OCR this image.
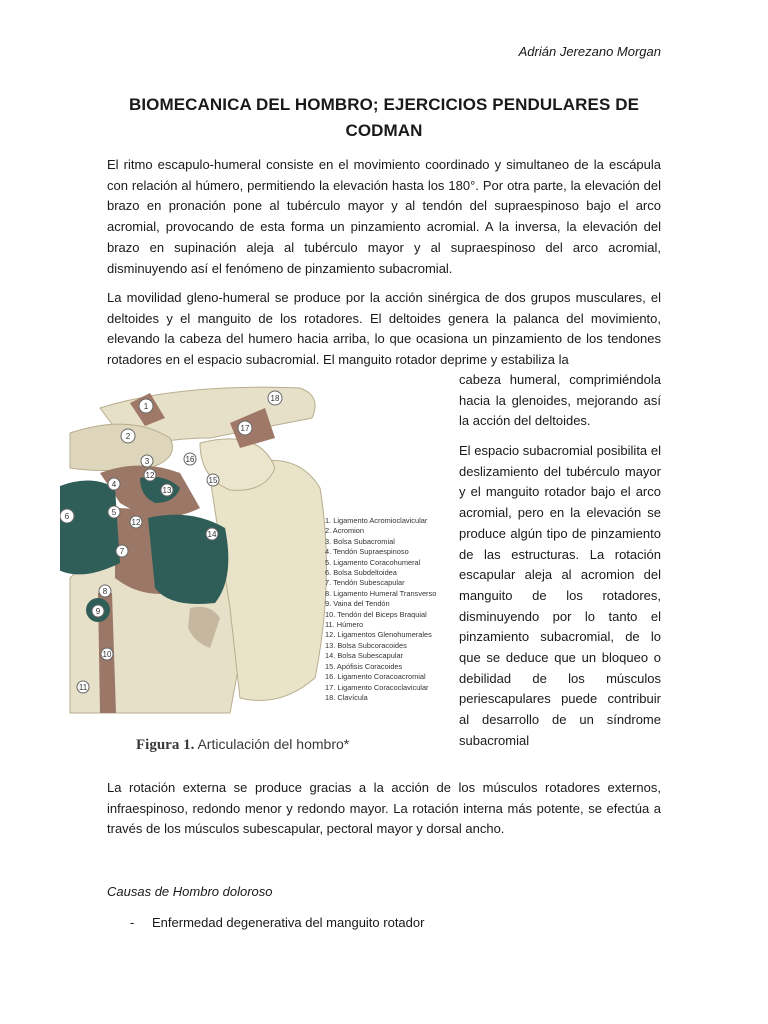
Adrián Jerezano Morgan
BIOMECANICA DEL HOMBRO; EJERCICIOS PENDULARES DE
CODMAN

El ritmo escapulo-humeral consiste en el movimiento coordinado y simultaneo de la escápula con relación al húmero, permitiendo la elevación hasta los 180°. Por otra parte, la elevación del brazo en pronación pone al tubérculo mayor y al tendón del supraespinoso bajo el arco acromial, provocando de esta forma un pinzamiento acromial. A la inversa, la elevación del brazo en supinación aleja al tubérculo mayor y al supraespinoso del arco acromial, disminuyendo así el fenómeno de pinzamiento subacromial.

La movilidad gleno-humeral se produce por la acción sinérgica de dos grupos musculares, el deltoides y el manguito de los rotadores. El deltoides genera la palanca del movimiento, elevando la cabeza del humero hacia arriba, lo que ocasiona un pinzamiento de los tendones rotadores en el espacio subacromial. El manguito rotador deprime y estabiliza la

cabeza humeral, comprimiéndola hacia la glenoides, mejorando así la acción del deltoides.

El espacio subacromial posibilita el deslizamiento del tubérculo mayor y el manguito rotador bajo el arco acromial, pero en la elevación se produce algún tipo de pinzamiento de las estructuras. La rotación escapular aleja al acromion del manguito de los rotadores, disminuyendo por lo tanto el pinzamiento subacromial, de lo que se deduce que un bloqueo o debilidad de los músculos periescapulares puede contribuir al desarrollo de un síndrome subacromial

1
2
3
4
5
6
7
8
9
10
11
12
12
13
14
15
16
17
18
1. Ligamento Acromioclavicular
2. Acromion
3. Bolsa Subacromial
4. Tendón Supraespinoso
5. Ligamento Coracohumeral
6. Bolsa Subdeltoidea
7. Tendón Subescapular
8. Ligamento Humeral Transverso
9. Vaina del Tendón
10. Tendón del Biceps Braquial
11. Húmero
12. Ligamentos Glenohumerales
13. Bolsa Subcoracoides
14. Bolsa Subescapular
15. Apófisis Coracoides
16. Ligamento Coracoacromial
17. Ligamento Coracoclavicular
18. Clavícula
Figura 1. Articulación del hombro*

La rotación externa se produce gracias a la acción de los músculos rotadores externos, infraespinoso, redondo menor y redondo mayor. La rotación interna más potente, se efectúa a través de los músculos subescapular, pectoral mayor y dorsal ancho.

Causas de Hombro doloroso
- Enfermedad degenerativa del manguito rotador
